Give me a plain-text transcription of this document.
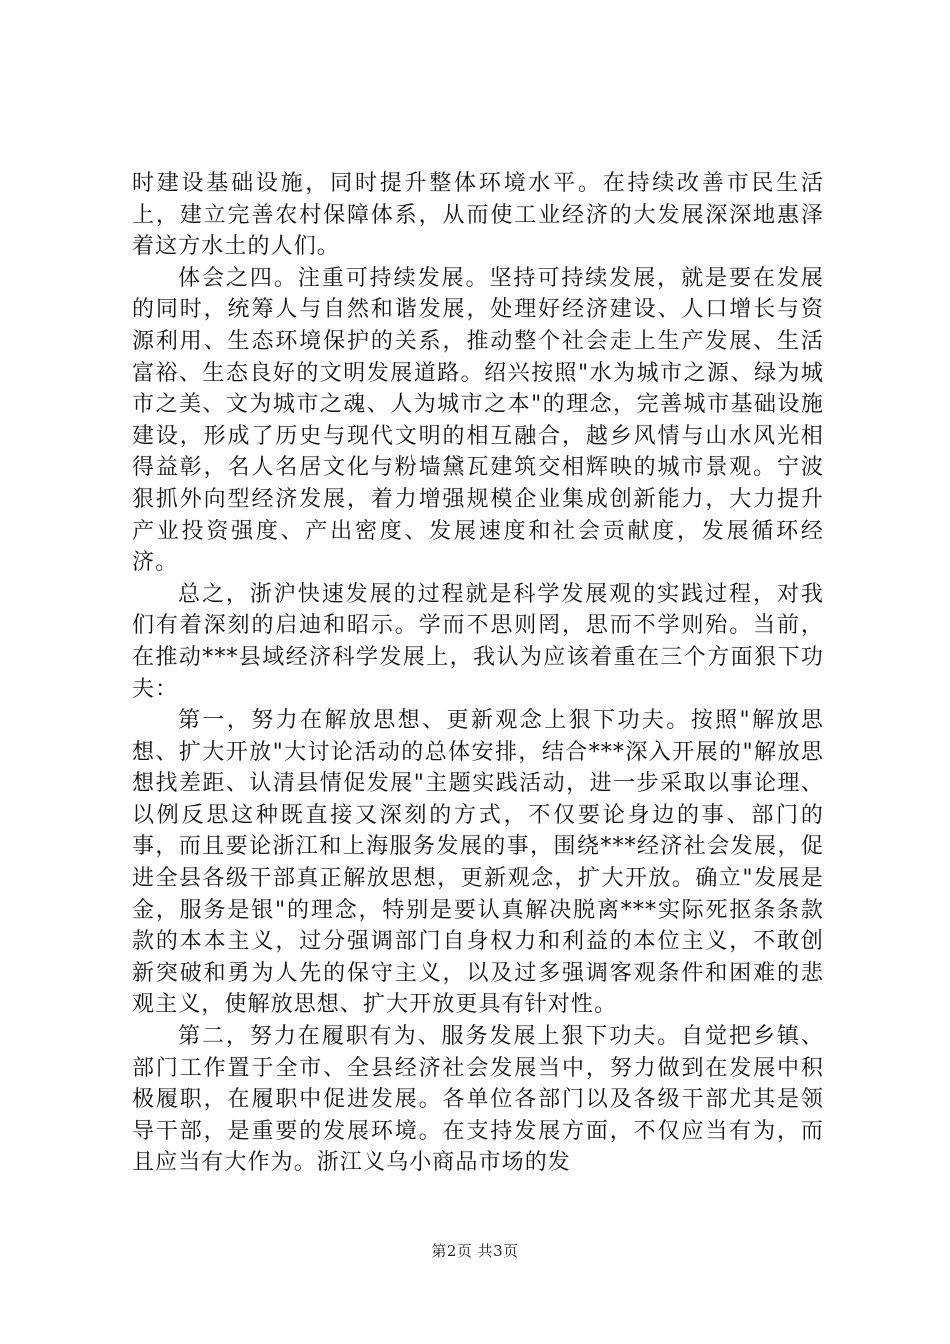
时建设基础设施，同时提升整体环境水平。在持续改善市民生活上，建立完善农村保障体系，从而使工业经济的大发展深深地惠泽着这方水土的人们。

体会之四。注重可持续发展。坚持可持续发展，就是要在发展的同时，统筹人与自然和谐发展，处理好经济建设、人口增长与资源利用、生态环境保护的关系，推动整个社会走上生产发展、生活富裕、生态良好的文明发展道路。绍兴按照"水为城市之源、绿为城市之美、文为城市之魂、人为城市之本"的理念，完善城市基础设施建设，形成了历史与现代文明的相互融合，越乡风情与山水风光相得益彰，名人名居文化与粉墙黛瓦建筑交相辉映的城市景观。宁波狠抓外向型经济发展，着力增强规模企业集成创新能力，大力提升产业投资强度、产出密度、发展速度和社会贡献度，发展循环经济。

总之，浙沪快速发展的过程就是科学发展观的实践过程，对我们有着深刻的启迪和昭示。学而不思则罔，思而不学则殆。当前，在推动***县域经济科学发展上，我认为应该着重在三个方面狠下功夫：

第一，努力在解放思想、更新观念上狠下功夫。按照"解放思想、扩大开放"大讨论活动的总体安排，结合***深入开展的"解放思想找差距、认清县情促发展"主题实践活动，进一步采取以事论理、以例反思这种既直接又深刻的方式，不仅要论身边的事、部门的事，而且要论浙江和上海服务发展的事，围绕***经济社会发展，促进全县各级干部真正解放思想，更新观念，扩大开放。确立"发展是金，服务是银"的理念，特别是要认真解决脱离***实际死抠条条款款的本本主义，过分强调部门自身权力和利益的本位主义，不敢创新突破和勇为人先的保守主义，以及过多强调客观条件和困难的悲观主义，使解放思想、扩大开放更具有针对性。

第二，努力在履职有为、服务发展上狠下功夫。自觉把乡镇、部门工作置于全市、全县经济社会发展当中，努力做到在发展中积极履职，在履职中促进发展。各单位各部门以及各级干部尤其是领导干部，是重要的发展环境。在支持发展方面，不仅应当有为，而且应当有大作为。浙江义乌小商品市场的发

第2页 共3页
